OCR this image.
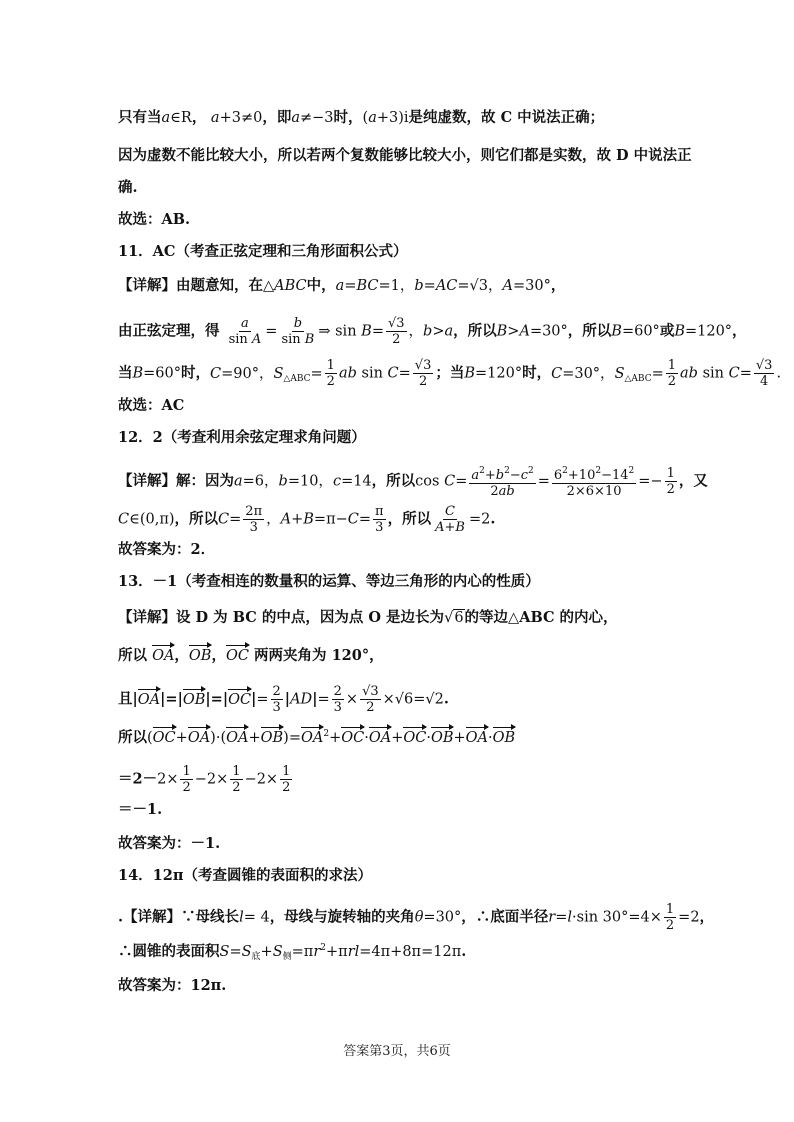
只有当a∈R， a+3≠0，即a≠−3时，(a+3)i是纯虚数，故 C 中说法正确；
因为虚数不能比较大小，所以若两个复数能够比较大小，则它们都是实数，故 D 中说法正
确.
故选：AB.
11．AC（考查正弦定理和三角形面积公式）
【详解】由题意知，在△ABC中，a=BC=1，b=AC=√3，A=30°，
由正弦定理，得 $\frac{a}{\text{sin A}} = \frac{b}{\text{sin B}}$ ⇒ $\sin B= \frac{√3}{2}$ ，b>a，所以B>A=30°，所以B=60°或B=120°，
当B=60°时，C=90°，$S_{\triangle ABC}= \frac{1}{2}$ ab $\sin C= \frac{√3}{2}$ ；当B=120°时，C=30°，$S_{\triangle ABC}= \frac{1}{2}$ ab $\sin C= \frac{√3}{4}$ .
故选：AC
12．2（考查利用余弦定理求角问题）
【详解】解：因为a=6，b=10，c=14，所以$\cos C= \frac{a^2+b^2-c^2}{2ab} = \frac{6^2+10^2-14^2}{2\times 6\times 10} =- \frac{1}{2}$ ，又
C∈(0,π)，所以$C= \frac{2\pi}{3}$ ，$A+B=\pi-C= \frac{\pi}{3}$ ，所以 $\frac{C}{A+B} =2$.
故答案为：2．
13．－1（考查相连的数量积的运算、等边三角形的内心的性质）
【详解】设 D 为 BC 的中点，因为点 O 是边长为√6的等边△ABC 的内心，
所以 OA，OB，OC 两两夹角为 120°，
且$|OA|=|OB|=|OC|= \frac{2}{3} |AD|= \frac{2}{3} \times \frac{√3}{2} \times√6=√2$.
所以$(OC+OA)\cdot(OA+OB)=OA^2+OC\cdot OA+OC\cdot OB+OA\cdot OB$
$=2-2\times \frac{1}{2} -2\times \frac{1}{2} -2\times \frac{1}{2}$
＝－1.
故答案为：－1.
14．12π（考查圆锥的表面积的求法）
.【详解】∵母线长l= 4，母线与旋转轴的夹角θ=30°，∴底面半径r=l·sin $30^\circ=4\times \frac{1}{2} =2$，
∴圆锥的表面积$S=S_底+S_侧=\pi r^2+\pi rl=4\pi+8\pi=12\pi$.
故答案为：12π.
答案第3页，共6页
